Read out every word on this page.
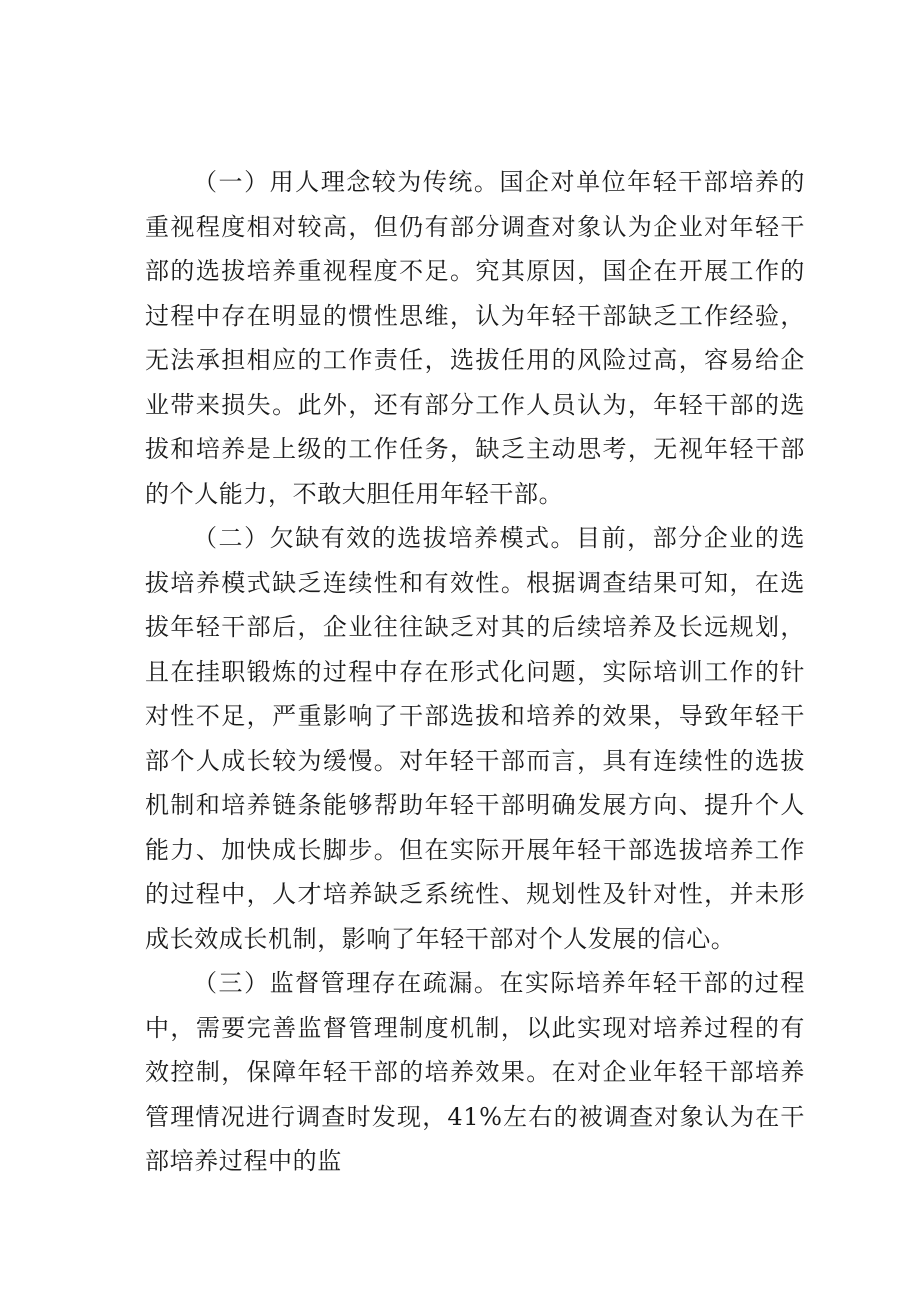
（一）用人理念较为传统。国企对单位年轻干部培养的重视程度相对较高，但仍有部分调查对象认为企业对年轻干部的选拔培养重视程度不足。究其原因，国企在开展工作的过程中存在明显的惯性思维，认为年轻干部缺乏工作经验，无法承担相应的工作责任，选拔任用的风险过高，容易给企业带来损失。此外，还有部分工作人员认为，年轻干部的选拔和培养是上级的工作任务，缺乏主动思考，无视年轻干部的个人能力，不敢大胆任用年轻干部。

（二）欠缺有效的选拔培养模式。目前，部分企业的选拔培养模式缺乏连续性和有效性。根据调查结果可知，在选拔年轻干部后，企业往往缺乏对其的后续培养及长远规划，且在挂职锻炼的过程中存在形式化问题，实际培训工作的针对性不足，严重影响了干部选拔和培养的效果，导致年轻干部个人成长较为缓慢。对年轻干部而言，具有连续性的选拔机制和培养链条能够帮助年轻干部明确发展方向、提升个人能力、加快成长脚步。但在实际开展年轻干部选拔培养工作的过程中，人才培养缺乏系统性、规划性及针对性，并未形成长效成长机制，影响了年轻干部对个人发展的信心。

（三）监督管理存在疏漏。在实际培养年轻干部的过程中，需要完善监督管理制度机制，以此实现对培养过程的有效控制，保障年轻干部的培养效果。在对企业年轻干部培养管理情况进行调查时发现，41%左右的被调查对象认为在干部培养过程中的监
